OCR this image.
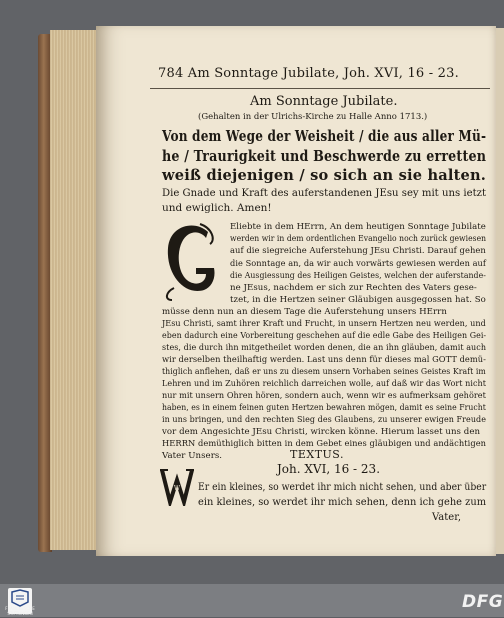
784 Am Sonntage Jubilate, Joh. XVI, 16 - 23.
Am Sonntage Jubilate.
(Gehalten in der Ulrichs-Kirche zu Halle Anno 1713.)
Von dem Wege der Weisheit / die aus aller Mü-
he / Traurigkeit und Beschwerde zu erretten
weiß diejenigen / so sich an sie halten.
Die Gnade und Kraft des auferstandenen JEsu sey mit uns ietzt
und ewiglich. Amen!
G
Eliebte in dem HErrn, An dem heutigen Sonntage Jubilate
werden wir in dem ordentlichen Evangelio noch zurück gewiesen
auf die siegreiche Auferstehung JEsu Christi. Darauf gehen
die Sonntage an, da wir auch vorwärts gewiesen werden auf
die Ausgiessung des Heiligen Geistes, welchen der auferstande-
ne JEsus, nachdem er sich zur Rechten des Vaters gese-
tzet, in die Hertzen seiner Gläubigen ausgegossen hat. So
müsse denn nun an diesem Tage die Auferstehung unsers HErrn
JEsu Christi, samt ihrer Kraft und Frucht, in unsern Hertzen neu werden, und
eben dadurch eine Vorbereitung geschehen auf die edle Gabe des Heiligen Gei-
stes, die durch ihn mitgetheilet worden denen, die an ihn gläuben, damit auch
wir derselben theilhaftig werden. Last uns denn für dieses mal GOTT demü-
thiglich anflehen, daß er uns zu diesem unsern Vorhaben seines Geistes Kraft im
Lehren und im Zuhören reichlich darreichen wolle, auf daß wir das Wort nicht
nur mit unsern Ohren hören, sondern auch, wenn wir es aufmerksam gehöret
haben, es in einem feinen guten Hertzen bewahren mögen, damit es seine Frucht
in uns bringen, und den rechten Sieg des Glaubens, zu unserer ewigen Freude
vor dem Angesichte JEsu Christi, wircken könne. Hierum lasset uns den
HERRN demüthiglich bitten in dem Gebet eines gläubigen und andächtigen
Vater Unsers.	TEXTUS.
Joh. XVI, 16 - 23.
W Er ein kleines, so werdet ihr mich nicht sehen, und aber über
ein kleines, so werdet ihr mich sehen, denn ich gehe zum
Vater,
FRANCKESCHE STIFTUNGEN
DFG
